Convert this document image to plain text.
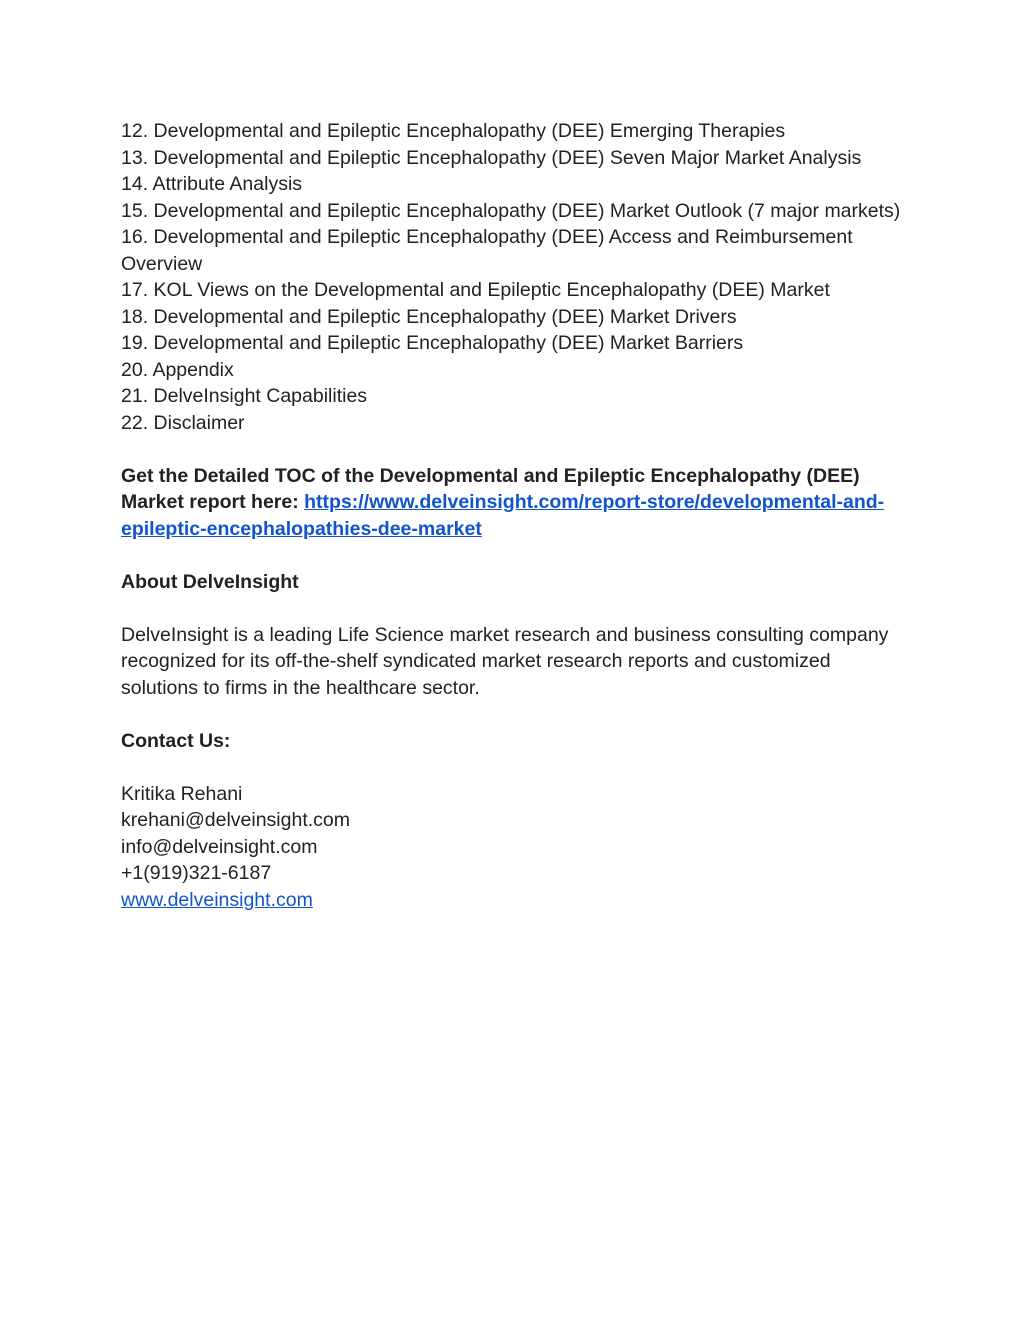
12. Developmental and Epileptic Encephalopathy (DEE) Emerging Therapies
13. Developmental and Epileptic Encephalopathy (DEE) Seven Major Market Analysis
14. Attribute Analysis
15. Developmental and Epileptic Encephalopathy (DEE) Market Outlook (7 major markets)
16. Developmental and Epileptic Encephalopathy (DEE) Access and Reimbursement Overview
17. KOL Views on the Developmental and Epileptic Encephalopathy (DEE) Market
18. Developmental and Epileptic Encephalopathy (DEE) Market Drivers
19. Developmental and Epileptic Encephalopathy (DEE) Market Barriers
20. Appendix
21. DelveInsight Capabilities
22. Disclaimer

Get the Detailed TOC of the Developmental and Epileptic Encephalopathy (DEE) Market report here: https://www.delveinsight.com/report-store/developmental-and-epileptic-encephalopathies-dee-market

About DelveInsight

DelveInsight is a leading Life Science market research and business consulting company recognized for its off-the-shelf syndicated market research reports and customized solutions to firms in the healthcare sector.

Contact Us:

Kritika Rehani
krehani@delveinsight.com
info@delveinsight.com
+1(919)321-6187
www.delveinsight.com
